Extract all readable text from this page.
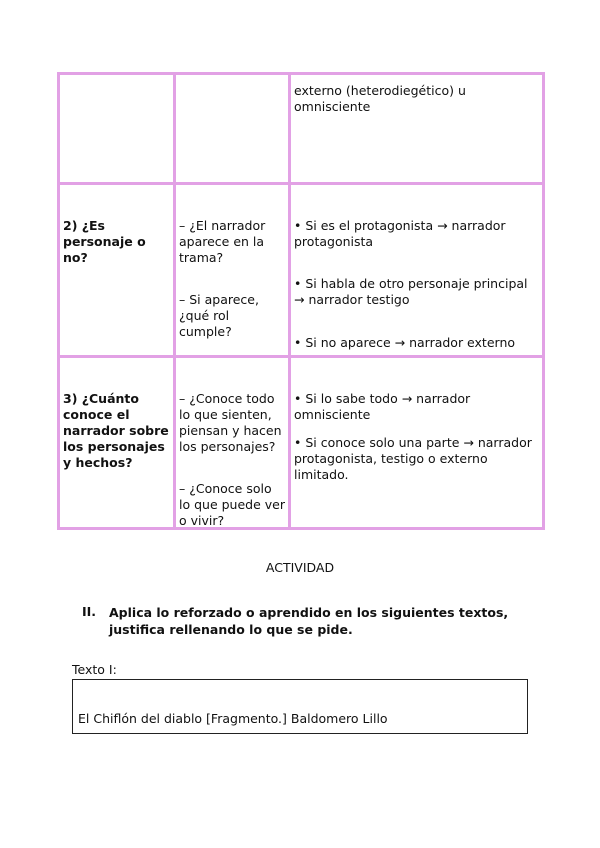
externo (heterodiegético) u omnisciente
2) ¿Es personaje o no?
– ¿El narrador aparece en la trama?
– Si aparece, ¿qué rol cumple?
• Si es el protagonista → narrador protagonista
• Si habla de otro personaje principal → narrador testigo
• Si no aparece → narrador externo
3) ¿Cuánto conoce el narrador sobre los personajes y hechos?
– ¿Conoce todo lo que sienten, piensan y hacen los personajes?
– ¿Conoce solo lo que puede ver o vivir?
• Si lo sabe todo → narrador omnisciente
• Si conoce solo una parte → narrador protagonista, testigo o externo limitado.
ACTIVIDAD
II. Aplica lo reforzado o aprendido en los siguientes textos, justifica rellenando lo que se pide.
Texto I:
El Chiflón del diablo [Fragmento.] Baldomero Lillo
